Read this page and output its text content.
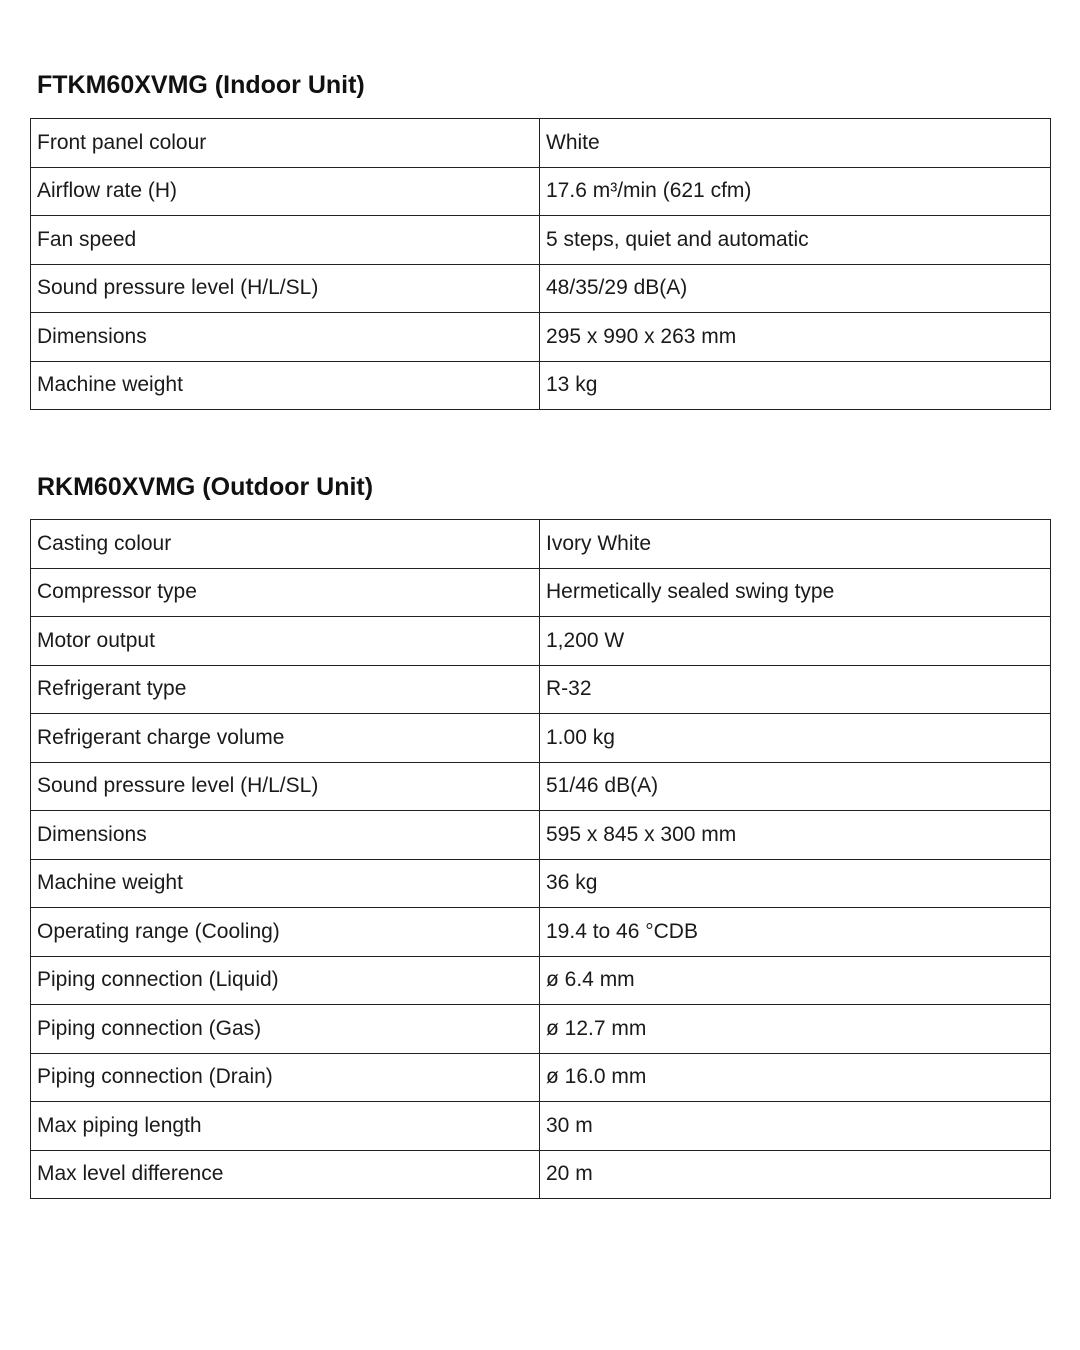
FTKM60XVMG (Indoor Unit)
Front panel colour	White
Airflow rate (H)	17.6 m³/min (621 cfm)
Fan speed	5 steps, quiet and automatic
Sound pressure level (H/L/SL)	48/35/29 dB(A)
Dimensions	295 x 990 x 263 mm
Machine weight	13 kg
RKM60XVMG (Outdoor Unit)
Casting colour	Ivory White
Compressor type	Hermetically sealed swing type
Motor output	1,200 W
Refrigerant type	R-32
Refrigerant charge volume	1.00 kg
Sound pressure level (H/L/SL)	51/46 dB(A)
Dimensions	595 x 845 x 300 mm
Machine weight	36 kg
Operating range (Cooling)	19.4 to 46 °CDB
Piping connection (Liquid)	ø 6.4 mm
Piping connection (Gas)	ø 12.7 mm
Piping connection (Drain)	ø 16.0 mm
Max piping length	30 m
Max level difference	20 m
